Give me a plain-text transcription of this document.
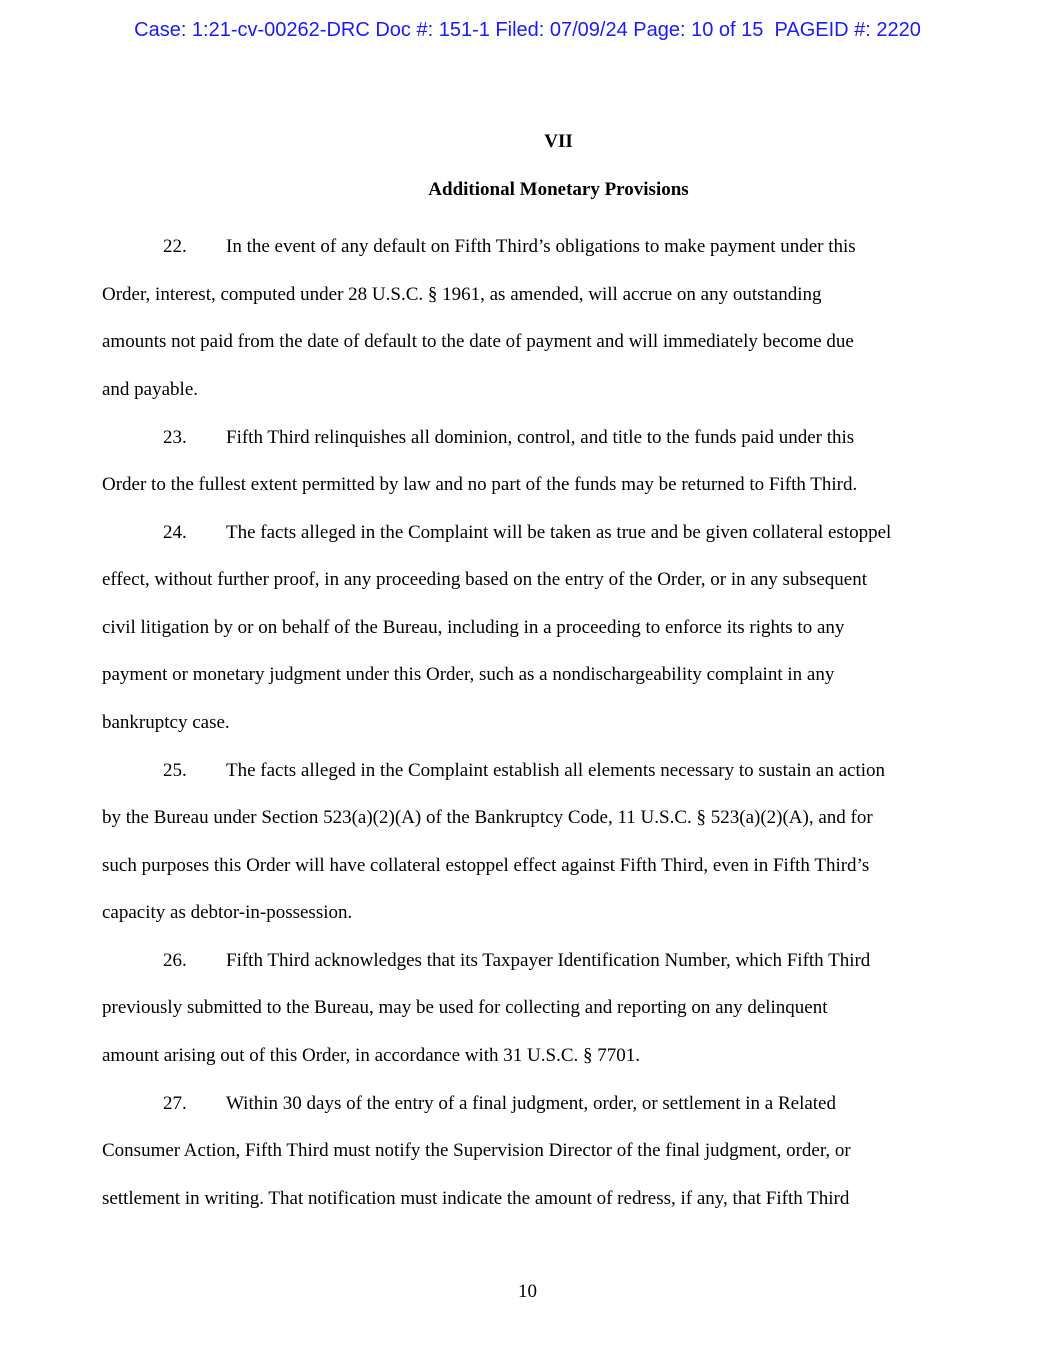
Case: 1:21-cv-00262-DRC Doc #: 151-1 Filed: 07/09/24 Page: 10 of 15  PAGEID #: 2220
VII
Additional Monetary Provisions
22. In the event of any default on Fifth Third’s obligations to make payment under this
Order, interest, computed under 28 U.S.C. § 1961, as amended, will accrue on any outstanding
amounts not paid from the date of default to the date of payment and will immediately become due
and payable.
23. Fifth Third relinquishes all dominion, control, and title to the funds paid under this
Order to the fullest extent permitted by law and no part of the funds may be returned to Fifth Third.
24. The facts alleged in the Complaint will be taken as true and be given collateral estoppel
effect, without further proof, in any proceeding based on the entry of the Order, or in any subsequent
civil litigation by or on behalf of the Bureau, including in a proceeding to enforce its rights to any
payment or monetary judgment under this Order, such as a nondischargeability complaint in any
bankruptcy case.
25. The facts alleged in the Complaint establish all elements necessary to sustain an action
by the Bureau under Section 523(a)(2)(A) of the Bankruptcy Code, 11 U.S.C. § 523(a)(2)(A), and for
such purposes this Order will have collateral estoppel effect against Fifth Third, even in Fifth Third’s
capacity as debtor-in-possession.
26. Fifth Third acknowledges that its Taxpayer Identification Number, which Fifth Third
previously submitted to the Bureau, may be used for collecting and reporting on any delinquent
amount arising out of this Order, in accordance with 31 U.S.C. § 7701.
27. Within 30 days of the entry of a final judgment, order, or settlement in a Related
Consumer Action, Fifth Third must notify the Supervision Director of the final judgment, order, or
settlement in writing. That notification must indicate the amount of redress, if any, that Fifth Third
10
